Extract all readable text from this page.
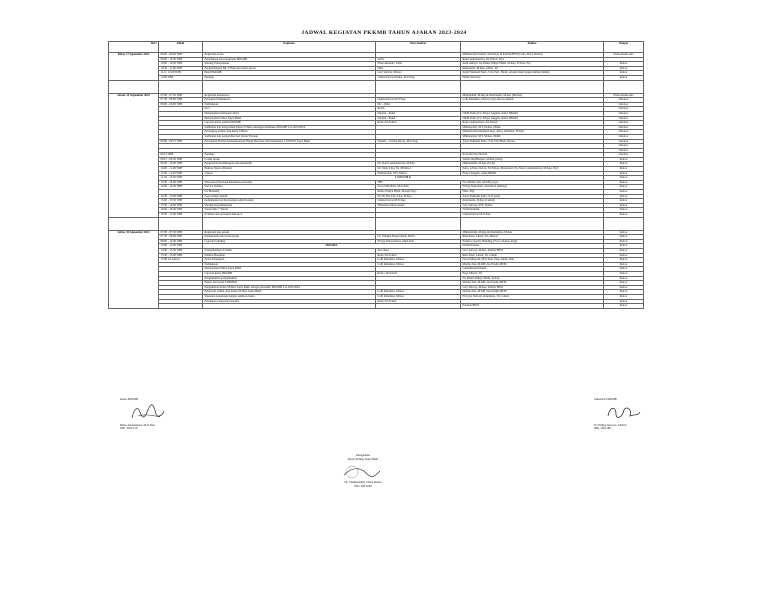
JADWAL KEGIATAN PKKMB TAHUN AJARAN 2023-2024
Hari	Pukul	Kegiatan	Nara Sumber	Panitia	Tempat
Rabu, 17 September 2023	08.00 - 09.00 WIB	Registrasi dosen		Mimmai Khoirinudi, Amel Kep & Panitia BEM (Luna, Putri, Rivina)	Pintu masuk aula
	09.00 - 10.00 WIB	Penerimaan tokon kegiatan PKKMB	Adita	Retno Adriansirasa, M.Tr.Keb, Psyi	
	10.00 - 10.30 WIB	Sharing Entrepreneur	Elissa Rennart, S.Kis	Andi Adiriya, M. Rinka Wahyu Hami, M.Kep, Ft.Kon, Psy	Indoor
	10.30 - 11.00 WIB	Pengembangan Bk. STMA dari smart phone	Nika	Khairunisa, M.Kes, Alfian, Tri	Indoor
	11.0 - 12.00 WIB	Hasil PKKMB	Lety Selvery, M.Kes	Ayim Yumnadi Putra, S.Si, Psyi, Hardi, sebagai bakal gagas mming mming	Indoor
	12.00 WIB	Penutup	Usman Devas Darma, M.Tr.Kep	Habib dan Popi	Indoor

Jumat, 29 September 2023	07.00 - 07.30 WIB	Registrasi mahasiswa		Mimmidiah, M.Rep & Khairunisa, M.Kes (Marvet)	Pintu masuk aula
	07.30 - 08.00 WIB	Persiapan Pembukaan	Usman Devas M.Tr.Kep	Lolli Rahalkan, M.Kes, Popi, Reven, Rakris	Outdoor
	08.00 - 09.00 WIB	Pembukaan:	Mc - (Dia)		Outdoor
		Do'a	Rendi		Outdoor
		Menyanyikan Indonesia Raya	Istiqlan - Rahel	OKM Pedia (Cs: Priaya Anggita, Amel. BKKK)	Outdoor
		Menyanyikan Mars Sapta Bakti	Istiqlan - Rahel	OKM Pedia (Cs: Priaya Anggita, Amel. BKKK)	Outdoor
		Laporan ketua panitia PKKMB	Retno M.Tr.Keb	Retno Adriansirasa, M.Tr.Keb	Outdoor
		Sambutan dan Pengarahan Ketua STIKes sekaligus membuka PKKMB T.A 2023/2024		Mhimayanti, SST, M.Kes, Habib	Outdoor
		Penanggap atribut oleh ketua STIKes		Mimmai Khoirinudiant Kep, Affiq, affiudian, Frisma	Outdoor
		Sambutan dan pengarahan dari Ketua Yayasan		Mhimayanti, SST, M.Kes, Habib	Outdoor
	09.00 - 09.15 WIB	Persiapkan Drama Penatalaksanaan Harga Bencana oleh mahasiswa S STIKES Sapta Bakti	Nanatre - Usman Devas, M.Tr.Kep	Adon Yumnadi Putra, S.Si, Dwi Hadi, Revan	Outdoor
					Outdoor
					Outdoor
	09.15 WIB	Penutup		Koyradil dan Nurvati	Outdoor
	09.15 - 09.30 WIB	Coffee break		Jaenda mayBanyen, M.Keb (Janu)	Indoor
	09.30 - 10.00 WIB	Pengenalan Kelembagaan dan Akademik	Ns. Nani Lamaindawati, M.Kep	Mhimadalah, M.Kep (Eroli)	Indoor
	10.00 - 11.00 WIB	Bahaya Napza (Dokter)	Dr. Tarik S.Kp, Ns, MM.Kes	Zetta, Gilvan, Revan, M.Tr.Kep, Moderator: Ns. Nani Lamaindawati, M.Kep, Psyi	Indoor
	11.00 - 11.30 WIB	2 Dosa	Ehmnayanti, SST, M.Kes	Priaya Anggita, Amel BKKK	Indoor
	11.30 - 13.30 WIB	I S H O M A			Indoor
	13.30 - 14.00 WIB	Wawasan (Wawasan kebaharan nasional)	TBS	Ns. Martha Sari, M.KH (yogo)	Indoor
	14.00 - 14.30 WIB	Service Outline	Novel Mardiani, M.Tr.Keb	Elvigy Nurprianti, Amel.Keb (Rihana)	Indoor
		Ice Breaking	Rinka Wahyu Hami, M.Kep/Vigo	Nika, Pigi	Indoor
	14.30 - 15.00 WIB	Gaya belajar efektif	Ns. Ni Nur Efy, S.Kp, M.Kes	Adon Yumnadi Putra, S.Si (seta)	Indoor
	15.00 - 15.30 WIB	Kemahasiswaan Kesyarikan Amri Konspit	Usman Devas M.Tr.Kep	Khairunisa, M.Kes (Lutfah)	Indoor
	15.30 - 16.00 WIB	Sharing Kepemimpinan	Mahasiswa Berprestasi	Lety Selvery, SST, M.Kes	Indoor
	16.00 - 16.30 WIB	Snack time + Sholat		Ns Khairunisa	Indoor
	16.30 - 17.00 WIB	Evaluasi dan persiapan hari ke-2		Usman Devas M.Tr.Kep	Indoor

Sabtu, 30 September 2023	07.00 - 07.30 WIB	Registrasi dan senam		Mhimadalah, M.Rep & Khairunisa, M.Kes	Indoor
	07.30 - 08.00 WIB	Pemanfaatan Suru Pencapang	Ns. Pringka Pusprarnanti, M.KS	Rika Peter, Lilsan, Tri, Marvet	Indoor
	08.00 - 12.00 WIB	Capacity building	Elvigy Nursyamsati, Amel.Keb	Panitia Capacity Building (Yoroc, Rekas, Popi)	Indoor
	12.00 - 13.00 WIB	ISHOMA		Ns Khairunisa	Indoor
	13.00 - 13.30 WIB	Strengthening UI Sabik	Siso sieso	Lety Selvery, M.Kes, Panitia BEM	Indoor
	13.30 - 15.00 WIB	Pelikon Hasapian	Retno M.Tr.Keb	Rika Peter, Lilsan, Tri, Lubah	Indoor
	15.00 s/d selesai	Acara Penutupan	Lolli Rahalkan, M.Kes	Novel Maryani, M.Tr.Keb, Pegi, habib, affia	Indoor
		Pembukaan	Lolli Rahalkan, M.Kes	Martha Sari, M.KH, dan Panitia BEM	Indoor
		Menyanyikan Mars Sapta Bakti		Lamaduadan Panitia	Indoor
		Laporan ketua PKKMB	Retno, M.Tr.Keb	Pegi, Marvet, Tri	Indoor
		Pengumuman pengumuman		Ns. Rinka Wahyu Hami, M.Kep	Indoor
		Hasan dan Pesan STIKBMI		Martha Sari, M.KH, dan Panitia BEM	Indoor
		Pengukuhan Ketua STIKes Sapta Bakti sebagai mewakili PKKMB T.A 2023/2024		Lety Selvery, M.Kes, Panitia BEM	Indoor
		Pelepasan atribut oleh Ketua STIKes Sapta Bakti	Lolli Rahalkan, M.Kes	Martha Sari, M.KH, dan Panitia BEM	Indoor
		Sisesatan penutupan dengan sekilpan bakas	Lolli Rahalkan, M.Kes	Elvigyat Nurvati, Amel.Kep, Tri, Lubah	Indoor
		Penutupan pelepasan bersama	Retno M.Tr.Keb		Indoor
				Panaitia BEM	Indoor
Ketua PKKMB
Retno Adriansirasa, M.Tr.Keb
NIK. 2023.116
Mengetahui
Ketua STIKes Sapta Bakti
Ns. Chumaidahni, S.Kep M.Kes
NIK. 2003.020
Sekretaris PKKMB
Tri Wahyu Suryono, M.Keb
NIK. 2021.081
